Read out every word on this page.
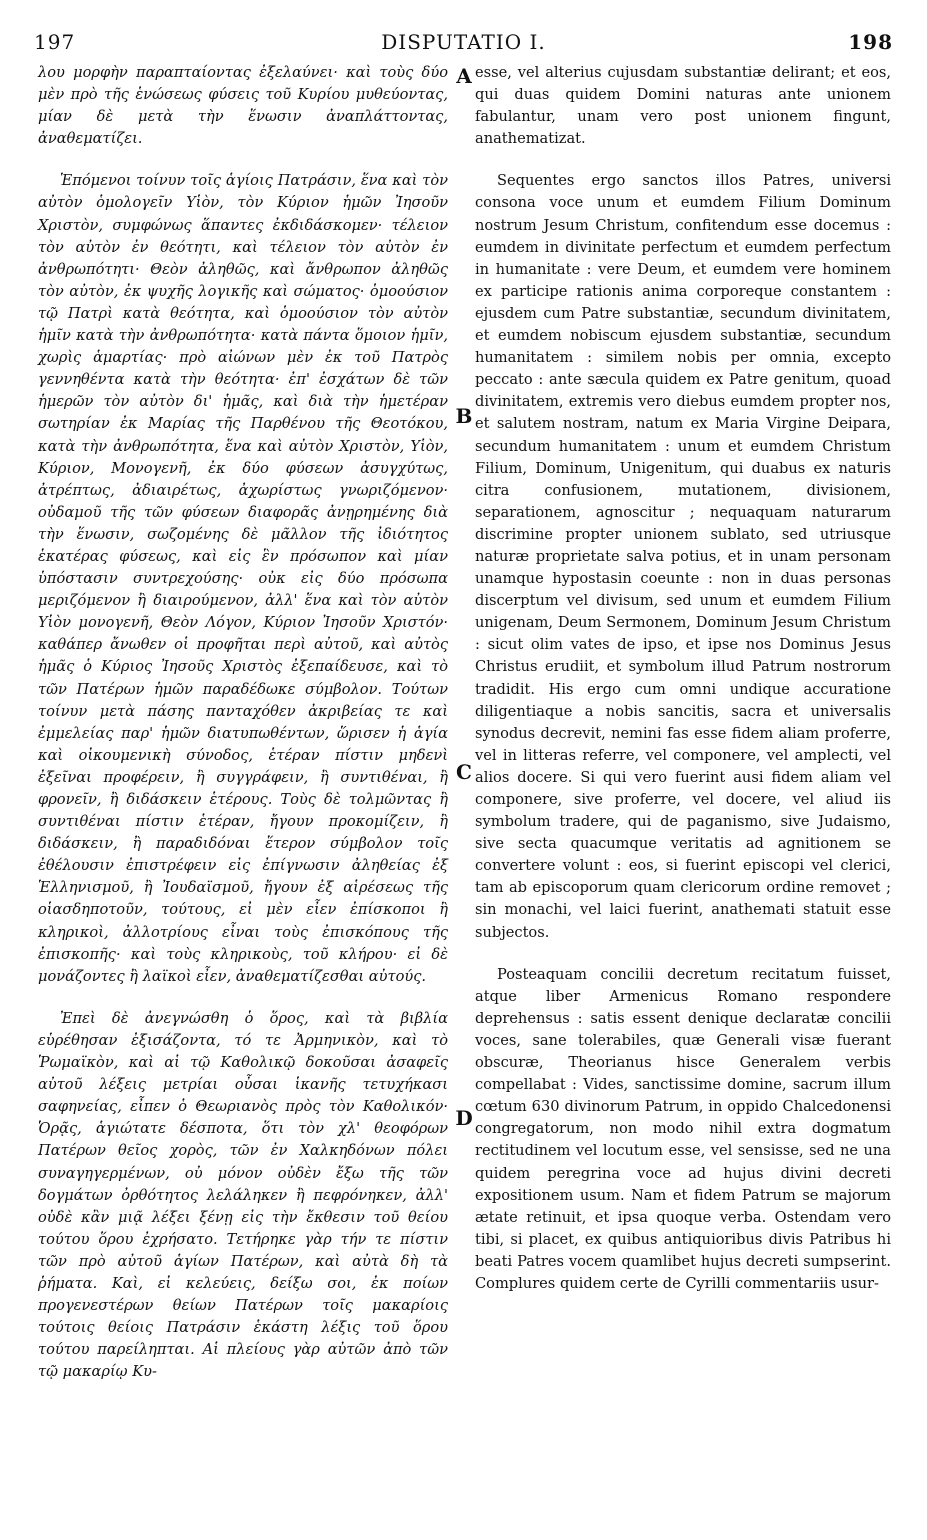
197	DISPUTATIO I.	198

λου μορφὴν παραπταίοντας ἐξελαύνει· καὶ τοὺς δύο μὲν πρὸ τῆς ἑνώσεως φύσεις τοῦ Κυρίου μυθεύοντας, μίαν δὲ μετὰ τὴν ἕνωσιν ἀναπλάττοντας, ἀναθεματίζει.

Ἑπόμενοι τοίνυν τοῖς ἁγίοις Πατράσιν, ἕνα καὶ τὸν αὐτὸν ὁμολογεῖν Υἱὸν, τὸν Κύριον ἡμῶν Ἰησοῦν Χριστὸν, συμφώνως ἅπαντες ἐκδιδάσκομεν· τέλειον τὸν αὐτὸν ἐν θεότητι, καὶ τέλειον τὸν αὐτὸν ἐν ἀνθρωπότητι· Θεὸν ἀληθῶς, καὶ ἄνθρωπον ἀληθῶς τὸν αὐτὸν, ἐκ ψυχῆς λογικῆς καὶ σώματος· ὁμοούσιον τῷ Πατρὶ κατὰ θεότητα, καὶ ὁμοούσιον τὸν αὐτὸν ἡμῖν κατὰ τὴν ἀνθρωπότητα· κατὰ πάντα ὅμοιον ἡμῖν, χωρὶς ἁμαρτίας· πρὸ αἰώνων μὲν ἐκ τοῦ Πατρὸς γεννηθέντα κατὰ τὴν θεότητα· ἐπ' ἐσχάτων δὲ τῶν ἡμερῶν τὸν αὐτὸν δι' ἡμᾶς, καὶ διὰ τὴν ἡμετέραν σωτηρίαν ἐκ Μαρίας τῆς Παρθένου τῆς Θεοτόκου, κατὰ τὴν ἀνθρωπότητα, ἕνα καὶ αὐτὸν Χριστὸν, Υἱὸν, Κύριον, Μονογενῆ, ἐκ δύο φύσεων ἀσυγχύτως, ἀτρέπτως, ἀδιαιρέτως, ἀχωρίστως γνωριζόμενον· οὐδαμοῦ τῆς τῶν φύσεων διαφορᾶς ἀνῃρημένης διὰ τὴν ἕνωσιν, σωζομένης δὲ μᾶλλον τῆς ἰδιότητος ἑκατέρας φύσεως, καὶ εἰς ἓν πρόσωπον καὶ μίαν ὑπόστασιν συντρεχούσης· οὐκ εἰς δύο πρόσωπα μεριζόμενον ἢ διαιρούμενον, ἀλλ' ἕνα καὶ τὸν αὐτὸν Υἱὸν μονογενῆ, Θεὸν Λόγον, Κύριον Ἰησοῦν Χριστόν· καθάπερ ἄνωθεν οἱ προφῆται περὶ αὐτοῦ, καὶ αὐτὸς ἡμᾶς ὁ Κύριος Ἰησοῦς Χριστὸς ἐξεπαίδευσε, καὶ τὸ τῶν Πατέρων ἡμῶν παραδέδωκε σύμβολον. Τούτων τοίνυν μετὰ πάσης πανταχόθεν ἀκριβείας τε καὶ ἐμμελείας παρ' ἡμῶν διατυπωθέντων, ὥρισεν ἡ ἁγία καὶ οἰκουμενικὴ σύνοδος, ἑτέραν πίστιν μηδενὶ ἐξεῖναι προφέρειν, ἢ συγγράφειν, ἢ συντιθέναι, ἢ φρονεῖν, ἢ διδάσκειν ἑτέρους. Τοὺς δὲ τολμῶντας ἢ συντιθέναι πίστιν ἑτέραν, ἤγουν προκομίζειν, ἢ διδάσκειν, ἢ παραδιδόναι ἕτερον σύμβολον τοῖς ἐθέλουσιν ἐπιστρέφειν εἰς ἐπίγνωσιν ἀληθείας ἐξ Ἑλληνισμοῦ, ἢ Ἰουδαϊσμοῦ, ἤγουν ἐξ αἱρέσεως τῆς οἱασδηποτοῦν, τούτους, εἰ μὲν εἶεν ἐπίσκοποι ἢ κληρικοὶ, ἀλλοτρίους εἶναι τοὺς ἐπισκόπους τῆς ἐπισκοπῆς· καὶ τοὺς κληρικοὺς, τοῦ κλήρου· εἰ δὲ μονάζοντες ἢ λαϊκοὶ εἶεν, ἀναθεματίζεσθαι αὐτούς.

Ἐπεὶ δὲ ἀνεγνώσθη ὁ ὅρος, καὶ τὰ βιβλία εὑρέθησαν ἐξισάζοντα, τό τε Ἀρμηνικὸν, καὶ τὸ Ῥωμαϊκὸν, καὶ αἱ τῷ Καθολικῷ δοκοῦσαι ἀσαφεῖς αὐτοῦ λέξεις μετρίαι οὖσαι ἱκανῆς τετυχήκασι σαφηνείας, εἶπεν ὁ Θεωριανὸς πρὸς τὸν Καθολικόν· Ὁρᾷς, ἁγιώτατε δέσποτα, ὅτι τὸν χλ' θεοφόρων Πατέρων θεῖος χορὸς, τῶν ἐν Χαλκηδόνων πόλει συναγηγερμένων, οὐ μόνον οὐδὲν ἔξω τῆς τῶν δογμάτων ὀρθότητος λελάληκεν ἢ πεφρόνηκεν, ἀλλ' οὐδὲ κἂν μιᾷ λέξει ξένῃ εἰς τὴν ἔκθεσιν τοῦ θείου τούτου ὅρου ἐχρήσατο. Τετήρηκε γὰρ τήν τε πίστιν τῶν πρὸ αὐτοῦ ἁγίων Πατέρων, καὶ αὐτὰ δὴ τὰ ῥήματα. Καὶ, εἰ κελεύεις, δείξω σοι, ἐκ ποίων προγενεστέρων θείων Πατέρων τοῖς μακαρίοις τούτοις θείοις Πατράσιν ἑκάστη λέξις τοῦ ὅρου τούτου παρείληπται. Αἱ πλείους γὰρ αὐτῶν ἀπὸ τῶν τῷ μακαρίῳ Κυ-

A
B
C
D

esse, vel alterius cujusdam substantiæ delirant; et eos, qui duas quidem Domini naturas ante unionem fabulantur, unam vero post unionem fingunt, anathematizat.

Sequentes ergo sanctos illos Patres, universi consona voce unum et eumdem Filium Dominum nostrum Jesum Christum, confitendum esse docemus : eumdem in divinitate perfectum et eumdem perfectum in humanitate : vere Deum, et eumdem vere hominem ex participe rationis anima corporeque constantem : ejusdem cum Patre substantiæ, secundum divinitatem, et eumdem nobiscum ejusdem substantiæ, secundum humanitatem : similem nobis per omnia, excepto peccato : ante sæcula quidem ex Patre genitum, quoad divinitatem, extremis vero diebus eumdem propter nos, et salutem nostram, natum ex Maria Virgine Deipara, secundum humanitatem : unum et eumdem Christum Filium, Dominum, Unigenitum, qui duabus ex naturis citra confusionem, mutationem, divisionem, separationem, agnoscitur ; nequaquam naturarum discrimine propter unionem sublato, sed utriusque naturæ proprietate salva potius, et in unam personam unamque hypostasin coeunte : non in duas personas discerptum vel divisum, sed unum et eumdem Filium unigenam, Deum Sermonem, Dominum Jesum Christum : sicut olim vates de ipso, et ipse nos Dominus Jesus Christus erudiit, et symbolum illud Patrum nostrorum tradidit. His ergo cum omni undique accuratione diligentiaque a nobis sancitis, sacra et universalis synodus decrevit, nemini fas esse fidem aliam proferre, vel in litteras referre, vel componere, vel amplecti, vel alios docere. Si qui vero fuerint ausi fidem aliam vel componere, sive proferre, vel docere, vel aliud iis symbolum tradere, qui de paganismo, sive Judaismo, sive secta quacumque veritatis ad agnitionem se convertere volunt : eos, si fuerint episcopi vel clerici, tam ab episcoporum quam clericorum ordine removet ; sin monachi, vel laici fuerint, anathemati statuit esse subjectos.

Posteaquam concilii decretum recitatum fuisset, atque liber Armenicus Romano respondere deprehensus : satis essent denique declaratæ concilii voces, sane tolerabiles, quæ Generali visæ fuerant obscuræ, Theorianus hisce Generalem verbis compellabat : Vides, sanctissime domine, sacrum illum cœtum 630 divinorum Patrum, in oppido Chalcedonensi congregatorum, non modo nihil extra dogmatum rectitudinem vel locutum esse, vel sensisse, sed ne una quidem peregrina voce ad hujus divini decreti expositionem usum. Nam et fidem Patrum se majorum ætate retinuit, et ipsa quoque verba. Ostendam vero tibi, si placet, ex quibus antiquioribus divis Patribus hi beati Patres vocem quamlibet hujus decreti sumpserint. Complures quidem certe de Cyrilli commentariis usur-
